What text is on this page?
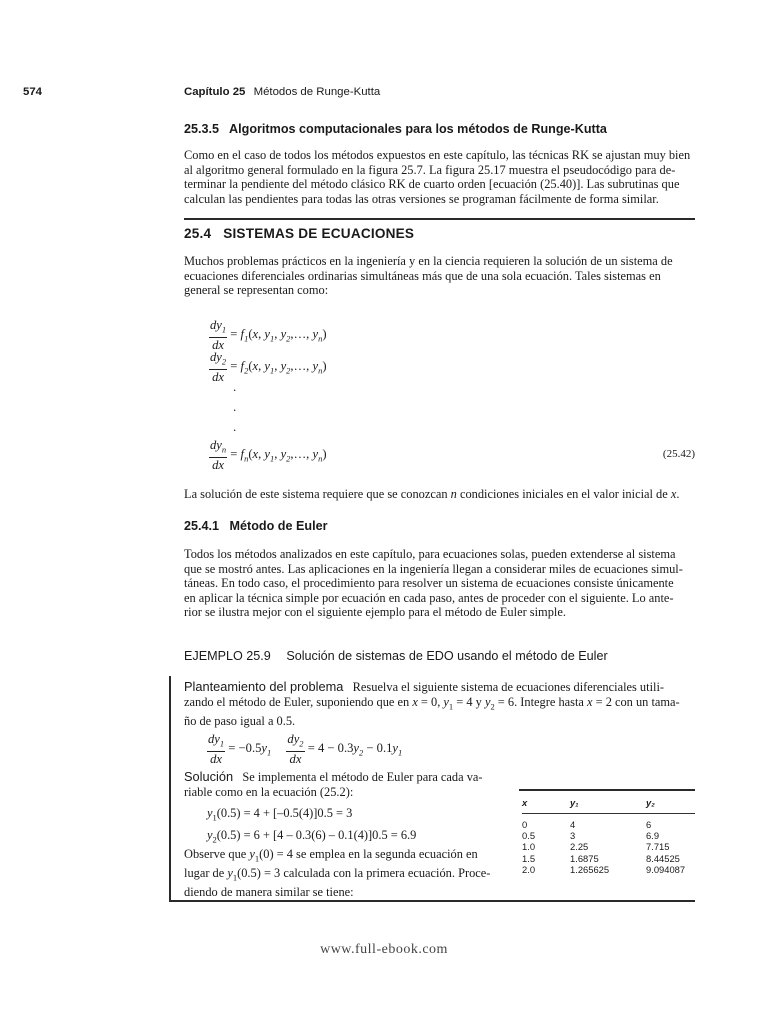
574	Capítulo 25 Métodos de Runge-Kutta
25.3.5   Algoritmos computacionales para los métodos de Runge-Kutta
Como en el caso de todos los métodos expuestos en este capítulo, las técnicas RK se ajustan muy bien
al algoritmo general formulado en la figura 25.7. La figura 25.17 muestra el pseudocódigo para de-
terminar la pendiente del método clásico RK de cuarto orden [ecuación (25.40)]. Las subrutinas que
calculan las pendientes para todas las otras versiones se programan fácilmente de forma similar.
25.4   SISTEMAS DE ECUACIONES
Muchos problemas prácticos en la ingeniería y en la ciencia requieren la solución de un sistema de
ecuaciones diferenciales ordinarias simultáneas más que de una sola ecuación. Tales sistemas en
general se representan como:
$\frac{dy_1}{dx} = f_1(x$, $y_1$, $y_2,\dots$, $y_n$)
$\frac{dy_2}{dx} = f_2(x$, $y_1$, $y_2,\dots$, $y_n$)
.
.
.
$\frac{dy_n}{dx} = f_n(x$, $y_1$, $y_2,\dots$, $y_n$)	(25.42)
La solución de este sistema requiere que se conozcan n condiciones iniciales en el valor inicial de x.
25.4.1   Método de Euler
Todos los métodos analizados en este capítulo, para ecuaciones solas, pueden extenderse al sistema
que se mostró antes. Las aplicaciones en la ingeniería llegan a considerar miles de ecuaciones simul-
táneas. En todo caso, el procedimiento para resolver un sistema de ecuaciones consiste únicamente
en aplicar la técnica simple por ecuación en cada paso, antes de proceder con el siguiente. Lo ante-
rior se ilustra mejor con el siguiente ejemplo para el método de Euler simple.
EJEMPLO 25.9 Solución de sistemas de EDO usando el método de Euler
Planteamiento del problema Resuelva el siguiente sistema de ecuaciones diferenciales utili-
zando el método de Euler, suponiendo que en x = 0, $y_1 = 4$ y $y_2 = 6$. Integre hasta x = 2 con un tama-
ño de paso igual a 0.5.
$\frac{dy_1}{dx} = -0.5y_1 \frac{dy_2}{dx} = 4 - 0.3y_2 - 0.1y_1$
Solución Se implementa el método de Euler para cada va-
riable como en la ecuación (25.2):
$y_1(0.5) = 4 + [-0.5(4)]0.5 = 3$
$y_2(0.5) = 6 + [4 - 0.3(6) - 0.1(4)]0.5 = 6.9$
Observe que $y_1(0) = 4$ se emplea en la segunda ecuación en
lugar de $y_1(0.5) = 3$ calculada con la primera ecuación. Proce-
diendo de manera similar se tiene:
x	y₁	y₂

0	4	6
0.5	3	6.9
1.0	2.25	7.715
1.5	1.6875	8.44525
2.0	1.265625	9.094087
www.full-ebook.com
